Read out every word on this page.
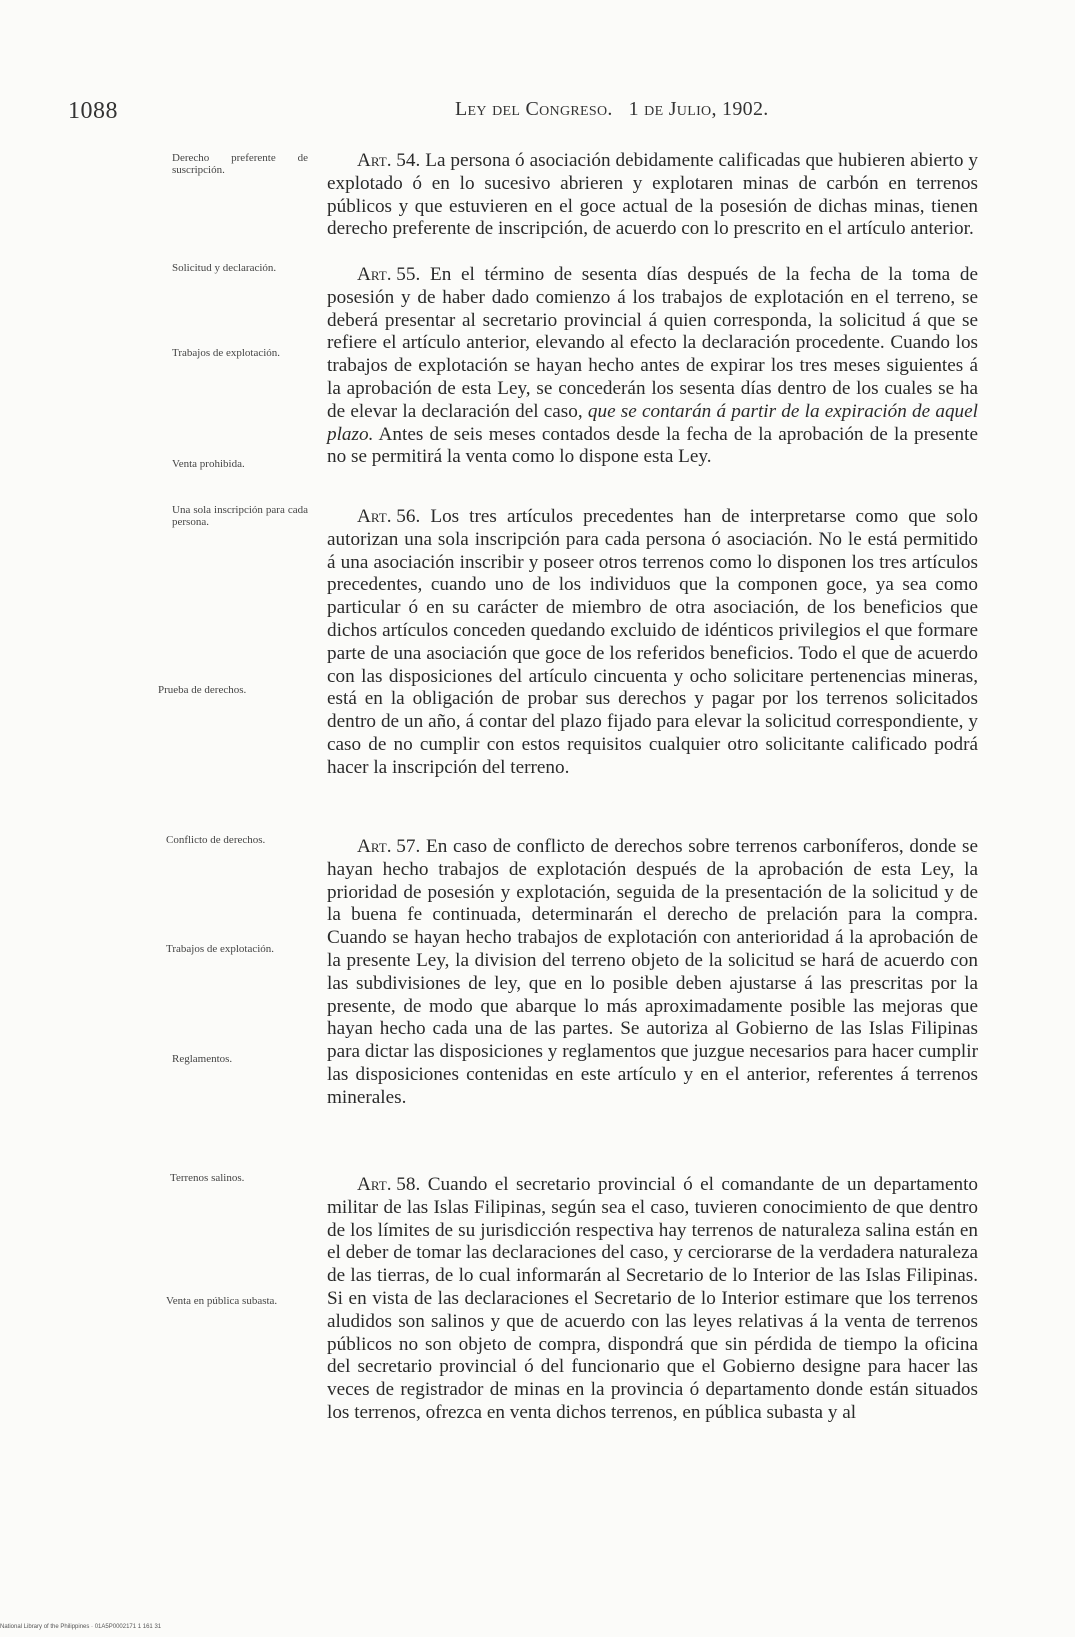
1088	Ley del Congreso. 1 de Julio, 1902.
Derecho preferente de suscripción.
Solicitud y declaración.
Trabajos de explotación.
Venta prohibida.
Una sola inscripción para cada persona.
Prueba de derechos.
Conflicto de derechos.
Trabajos de explotación.
Reglamentos.
Terrenos salinos.
Venta en pública subasta.
Art. 54. La persona ó asociación debidamente calificadas que hubieren abierto y explotado ó en lo sucesivo abrieren y explotaren minas de carbón en terrenos públicos y que estuvieren en el goce actual de la posesión de dichas minas, tienen derecho preferente de inscripción, de acuerdo con lo prescrito en el artículo anterior.
Art. 55. En el término de sesenta días después de la fecha de la toma de posesión y de haber dado comienzo á los trabajos de explotación en el terreno, se deberá presentar al secretario provincial á quien corresponda, la solicitud á que se refiere el artículo anterior, elevando al efecto la declaración procedente. Cuando los trabajos de explotación se hayan hecho antes de expirar los tres meses siguientes á la aprobación de esta Ley, se concederán los sesenta días dentro de los cuales se ha de elevar la declaración del caso, que se contarán á partir de la expiración de aquel plazo. Antes de seis meses contados desde la fecha de la aprobación de la presente no se permitirá la venta como lo dispone esta Ley.
Art. 56. Los tres artículos precedentes han de interpretarse como que solo autorizan una sola inscripción para cada persona ó asociación. No le está permitido á una asociación inscribir y poseer otros terrenos como lo disponen los tres artículos precedentes, cuando uno de los individuos que la componen goce, ya sea como particular ó en su carácter de miembro de otra asociación, de los beneficios que dichos artículos conceden quedando excluido de idénticos privilegios el que formare parte de una asociación que goce de los referidos beneficios. Todo el que de acuerdo con las disposiciones del artículo cincuenta y ocho solicitare pertenencias mineras, está en la obligación de probar sus derechos y pagar por los terrenos solicitados dentro de un año, á contar del plazo fijado para elevar la solicitud correspondiente, y caso de no cumplir con estos requisitos cualquier otro solicitante calificado podrá hacer la inscripción del terreno.
Art. 57. En caso de conflicto de derechos sobre terrenos carboníferos, donde se hayan hecho trabajos de explotación después de la aprobación de esta Ley, la prioridad de posesión y explotación, seguida de la presentación de la solicitud y de la buena fe continuada, determinarán el derecho de prelación para la compra. Cuando se hayan hecho trabajos de explotación con anterioridad á la aprobación de la presente Ley, la division del terreno objeto de la solicitud se hará de acuerdo con las subdivisiones de ley, que en lo posible deben ajustarse á las prescritas por la presente, de modo que abarque lo más aproximadamente posible las mejoras que hayan hecho cada una de las partes. Se autoriza al Gobierno de las Islas Filipinas para dictar las disposiciones y reglamentos que juzgue necesarios para hacer cumplir las disposiciones contenidas en este artículo y en el anterior, referentes á terrenos minerales.
Art. 58. Cuando el secretario provincial ó el comandante de un departamento militar de las Islas Filipinas, según sea el caso, tuvieren conocimiento de que dentro de los límites de su jurisdicción respectiva hay terrenos de naturaleza salina están en el deber de tomar las declaraciones del caso, y cerciorarse de la verdadera naturaleza de las tierras, de lo cual informarán al Secretario de lo Interior de las Islas Filipinas. Si en vista de las declaraciones el Secretario de lo Interior estimare que los terrenos aludidos son salinos y que de acuerdo con las leyes relativas á la venta de terrenos públicos no son objeto de compra, dispondrá que sin pérdida de tiempo la oficina del secretario provincial ó del funcionario que el Gobierno designe para hacer las veces de registrador de minas en la provincia ó departamento donde están situados los terrenos, ofrezca en venta dichos terrenos, en pública subasta y al
National Library of the Philippines · 01A5P0002171 1 161 31
